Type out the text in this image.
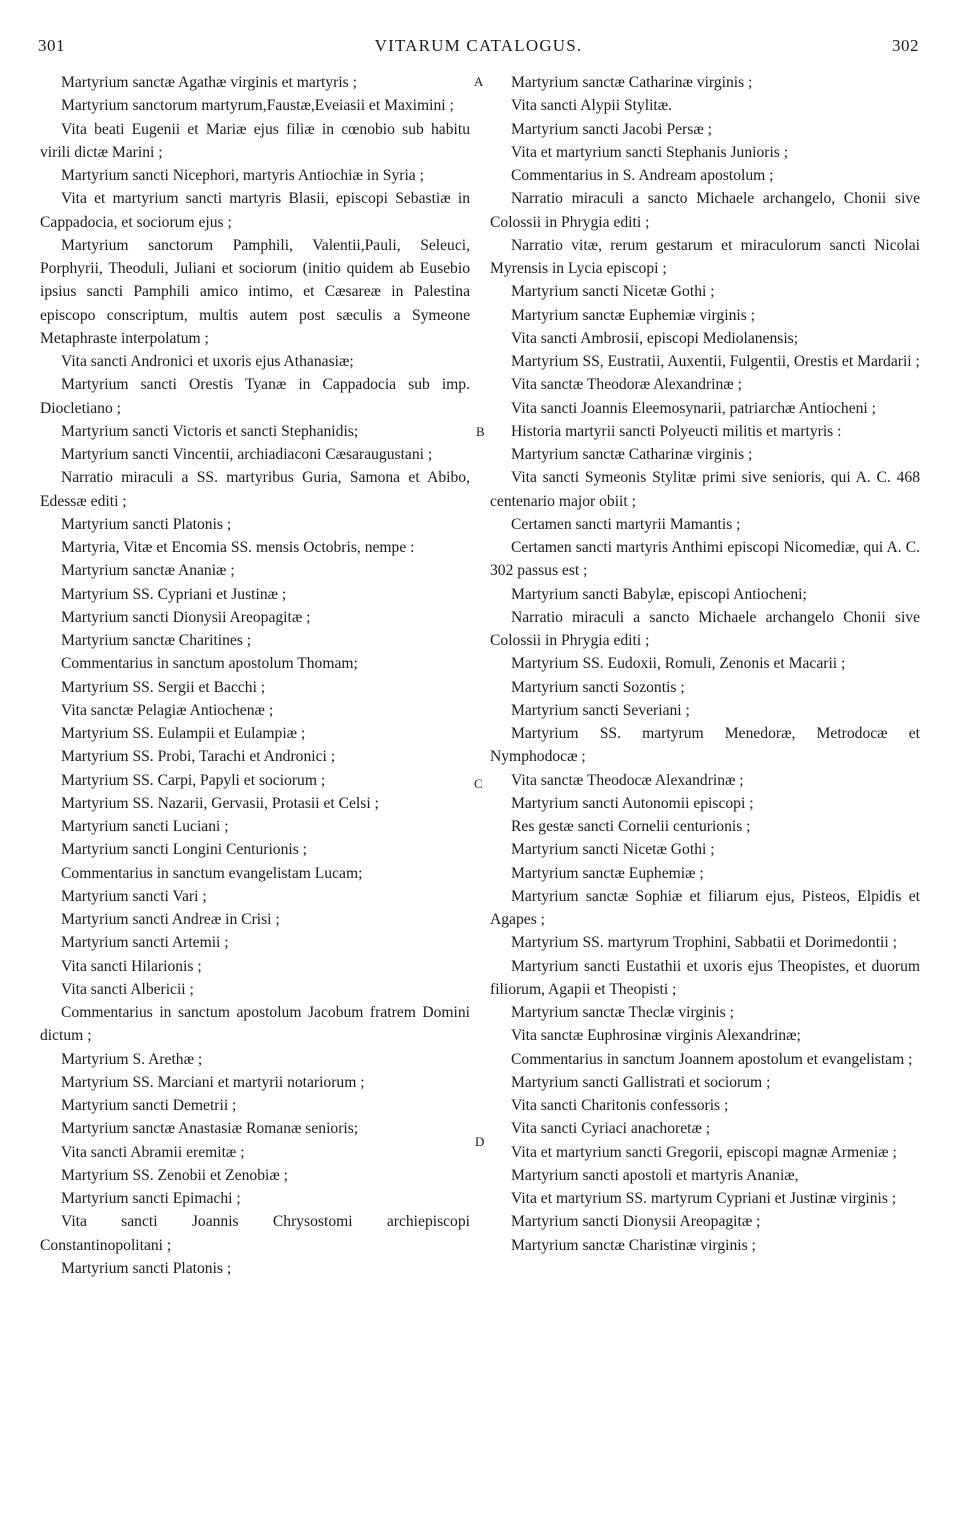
301	VITARUM CATALOGUS.	302

Martyrium sanctæ Agathæ virginis et martyris ;

Martyrium sanctorum martyrum,Faustæ,Eveiasii et Maximini ;

Vita beati Eugenii et Mariæ ejus filiæ in cœnobio sub habitu virili dictæ Marini ;

Martyrium sancti Nicephori, martyris Antiochiæ in Syria ;

Vita et martyrium sancti martyris Blasii, episcopi Sebastiæ in Cappadocia, et sociorum ejus ;

Martyrium sanctorum Pamphili, Valentii,Pauli, Seleuci, Porphyrii, Theoduli, Juliani et sociorum (initio quidem ab Eusebio ipsius sancti Pamphili amico intimo, et Cæsareæ in Palestina episcopo conscriptum, multis autem post sæculis a Symeone Metaphraste interpolatum ;

Vita sancti Andronici et uxoris ejus Athanasiæ;

Martyrium sancti Orestis Tyanæ in Cappadocia sub imp. Diocletiano ;

Martyrium sancti Victoris et sancti Stephanidis;

Martyrium sancti Vincentii, archiadiaconi Cæsaraugustani ;

Narratio miraculi a SS. martyribus Guria, Samona et Abibo, Edessæ editi ;

Martyrium sancti Platonis ;

Martyria, Vitæ et Encomia SS. mensis Octobris, nempe :

Martyrium sanctæ Ananiæ ;

Martyrium SS. Cypriani et Justinæ ;

Martyrium sancti Dionysii Areopagitæ ;

Martyrium sanctæ Charitines ;

Commentarius in sanctum apostolum Thomam;

Martyrium SS. Sergii et Bacchi ;

Vita sanctæ Pelagiæ Antiochenæ ;

Martyrium SS. Eulampii et Eulampiæ ;

Martyrium SS. Probi, Tarachi et Andronici ;

Martyrium SS. Carpi, Papyli et sociorum ;

Martyrium SS. Nazarii, Gervasii, Protasii et Celsi ;

Martyrium sancti Luciani ;

Martyrium sancti Longini Centurionis ;

Commentarius in sanctum evangelistam Lucam;

Martyrium sancti Vari ;

Martyrium sancti Andreæ in Crisi ;

Martyrium sancti Artemii ;

Vita sancti Hilarionis ;

Vita sancti Albericii ;

Commentarius in sanctum apostolum Jacobum fratrem Domini dictum ;

Martyrium S. Arethæ ;

Martyrium SS. Marciani et martyrii notariorum ;

Martyrium sancti Demetrii ;

Martyrium sanctæ Anastasiæ Romanæ senioris;

Vita sancti Abramii eremitæ ;

Martyrium SS. Zenobii et Zenobiæ ;

Martyrium sancti Epimachi ;

Vita sancti Joannis Chrysostomi archiepiscopi Constantinopolitani ;

Martyrium sancti Platonis ;

Martyrium sanctæ Catharinæ virginis ;

Vita sancti Alypii Stylitæ.

Martyrium sancti Jacobi Persæ ;

Vita et martyrium sancti Stephanis Junioris ;

Commentarius in S. Andream apostolum ;

Narratio miraculi a sancto Michaele archangelo, Chonii sive Colossii in Phrygia editi ;

Narratio vitæ, rerum gestarum et miraculorum sancti Nicolai Myrensis in Lycia episcopi ;

Martyrium sancti Nicetæ Gothi ;

Martyrium sanctæ Euphemiæ virginis ;

Vita sancti Ambrosii, episcopi Mediolanensis;

Martyrium SS, Eustratii, Auxentii, Fulgentii, Orestis et Mardarii ;

Vita sanctæ Theodoræ Alexandrinæ ;

Vita sancti Joannis Eleemosynarii, patriarchæ Antiocheni ;

Historia martyrii sancti Polyeucti militis et martyris :

Martyrium sanctæ Catharinæ virginis ;

Vita sancti Symeonis Stylitæ primi sive senioris, qui A. C. 468 centenario major obiit ;

Certamen sancti martyrii Mamantis ;

Certamen sancti martyris Anthimi episcopi Nicomediæ, qui A. C. 302 passus est ;

Martyrium sancti Babylæ, episcopi Antiocheni;

Narratio miraculi a sancto Michaele archangelo Chonii sive Colossii in Phrygia editi ;

Martyrium SS. Eudoxii, Romuli, Zenonis et Macarii ;

Martyrium sancti Sozontis ;

Martyrium sancti Severiani ;

Martyrium SS. martyrum Menedoræ, Metrodocæ et Nymphodocæ ;

Vita sanctæ Theodocæ Alexandrinæ ;

Martyrium sancti Autonomii episcopi ;

Res gestæ sancti Cornelii centurionis ;

Martyrium sancti Nicetæ Gothi ;

Martyrium sanctæ Euphemiæ ;

Martyrium sanctæ Sophiæ et filiarum ejus, Pisteos, Elpidis et Agapes ;

Martyrium SS. martyrum Trophini, Sabbatii et Dorimedontii ;

Martyrium sancti Eustathii et uxoris ejus Theopistes, et duorum filiorum, Agapii et Theopisti ;

Martyrium sanctæ Theclæ virginis ;

Vita sanctæ Euphrosinæ virginis Alexandrinæ;

Commentarius in sanctum Joannem apostolum et evangelistam ;

Martyrium sancti Gallistrati et sociorum ;

Vita sancti Charitonis confessoris ;

Vita sancti Cyriaci anachoretæ ;

Vita et martyrium sancti Gregorii, episcopi magnæ Armeniæ ;

Martyrium sancti apostoli et martyris Ananiæ,

Vita et martyrium SS. martyrum Cypriani et Justinæ virginis ;

Martyrium sancti Dionysii Areopagitæ ;

Martyrium sanctæ Charistinæ virginis ;

A
B
C
D
